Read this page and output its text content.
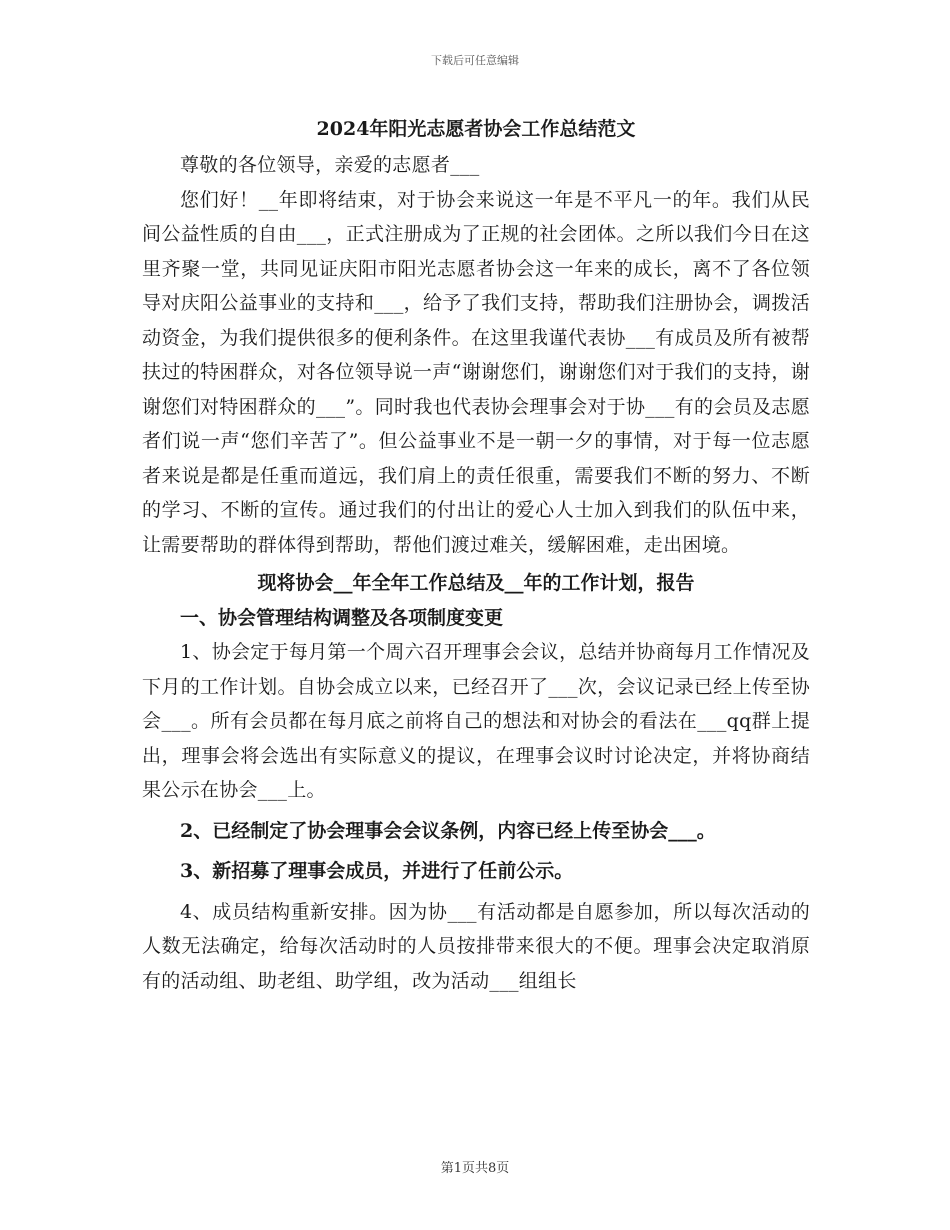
下载后可任意编辑
2024年阳光志愿者协会工作总结范文

尊敬的各位领导，亲爱的志愿者___

您们好！__年即将结束，对于协会来说这一年是不平凡一的年。我们从民间公益性质的自由___，正式注册成为了正规的社会团体。之所以我们今日在这里齐聚一堂，共同见证庆阳市阳光志愿者协会这一年来的成长，离不了各位领导对庆阳公益事业的支持和___，给予了我们支持，帮助我们注册协会，调拨活动资金，为我们提供很多的便利条件。在这里我谨代表协___有成员及所有被帮扶过的特困群众，对各位领导说一声“谢谢您们，谢谢您们对于我们的支持，谢谢您们对特困群众的___”。同时我也代表协会理事会对于协___有的会员及志愿者们说一声“您们辛苦了”。但公益事业不是一朝一夕的事情，对于每一位志愿者来说是都是任重而道远，我们肩上的责任很重，需要我们不断的努力、不断的学习、不断的宣传。通过我们的付出让的爱心人士加入到我们的队伍中来，让需要帮助的群体得到帮助，帮他们渡过难关，缓解困难，走出困境。

现将协会__年全年工作总结及__年的工作计划，报告
一、协会管理结构调整及各项制度变更

1、协会定于每月第一个周六召开理事会会议，总结并协商每月工作情况及下月的工作计划。自协会成立以来，已经召开了___次，会议记录已经上传至协会___。所有会员都在每月底之前将自己的想法和对协会的看法在___qq群上提出，理事会将会选出有实际意义的提议，在理事会议时讨论决定，并将协商结果公示在协会___上。

2、已经制定了协会理事会会议条例，内容已经上传至协会___。

3、新招募了理事会成员，并进行了任前公示。

4、成员结构重新安排。因为协___有活动都是自愿参加，所以每次活动的人数无法确定，给每次活动时的人员按排带来很大的不便。理事会决定取消原有的活动组、助老组、助学组，改为活动___组组长

第1页共8页
